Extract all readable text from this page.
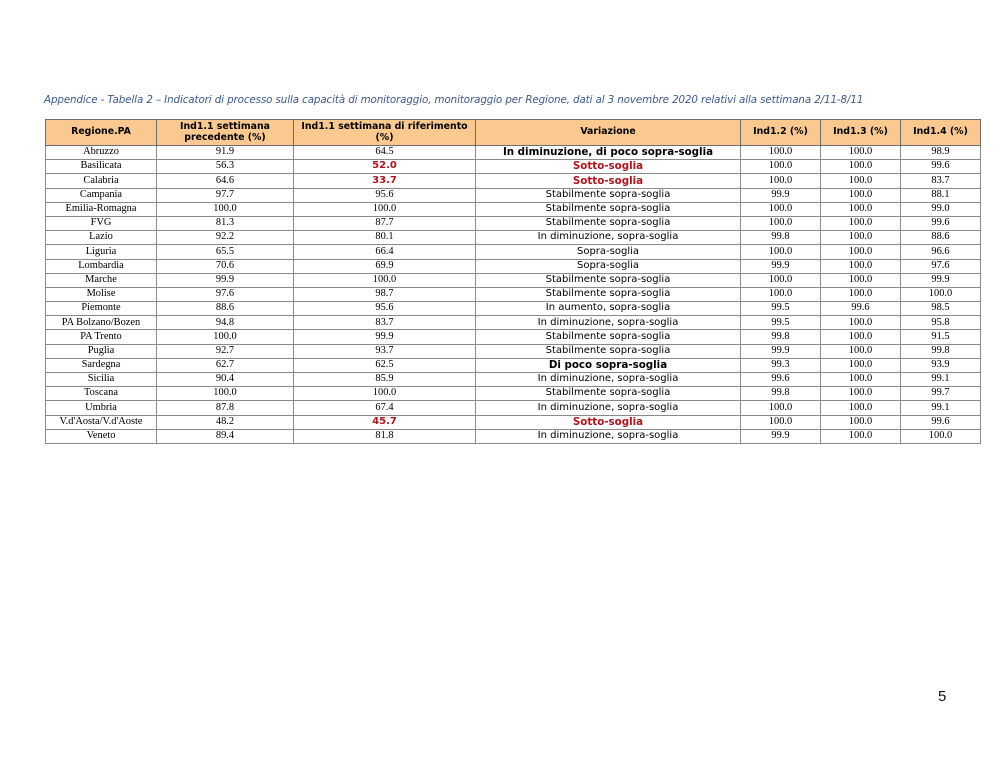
Appendice - Tabella 2 – Indicatori di processo sulla capacità di monitoraggio, monitoraggio per Regione, dati al 3 novembre 2020 relativi alla settimana 2/11-8/11
Regione.PA	Ind1.1 settimana precedente (%)	Ind1.1 settimana di riferimento (%)	Variazione	Ind1.2 (%)	Ind1.3 (%)	Ind1.4 (%)
Abruzzo	91.9	64.5	In diminuzione, di poco sopra-soglia	100.0	100.0	98.9
Basilicata	56.3	52.0	Sotto-soglia	100.0	100.0	99.6
Calabria	64.6	33.7	Sotto-soglia	100.0	100.0	83.7
Campania	97.7	95.6	Stabilmente sopra-soglia	99.9	100.0	88.1
Emilia-Romagna	100.0	100.0	Stabilmente sopra-soglia	100.0	100.0	99.0
FVG	81.3	87.7	Stabilmente sopra-soglia	100.0	100.0	99.6
Lazio	92.2	80.1	In diminuzione, sopra-soglia	99.8	100.0	88.6
Liguria	65.5	66.4	Sopra-soglia	100.0	100.0	96.6
Lombardia	70.6	69.9	Sopra-soglia	99.9	100.0	97.6
Marche	99.9	100.0	Stabilmente sopra-soglia	100.0	100.0	99.9
Molise	97.6	98.7	Stabilmente sopra-soglia	100.0	100.0	100.0
Piemonte	88.6	95.6	In aumento, sopra-soglia	99.5	99.6	98.5
PA Bolzano/Bozen	94.8	83.7	In diminuzione, sopra-soglia	99.5	100.0	95.8
PA Trento	100.0	99.9	Stabilmente sopra-soglia	99.8	100.0	91.5
Puglia	92.7	93.7	Stabilmente sopra-soglia	99.9	100.0	99.8
Sardegna	62.7	62.5	Di poco sopra-soglia	99.3	100.0	93.9
Sicilia	90.4	85.9	In diminuzione, sopra-soglia	99.6	100.0	99.1
Toscana	100.0	100.0	Stabilmente sopra-soglia	99.8	100.0	99.7
Umbria	87.8	67.4	In diminuzione, sopra-soglia	100.0	100.0	99.1
V.d'Aosta/V.d'Aoste	48.2	45.7	Sotto-soglia	100.0	100.0	99.6
Veneto	89.4	81.8	In diminuzione, sopra-soglia	99.9	100.0	100.0
5
